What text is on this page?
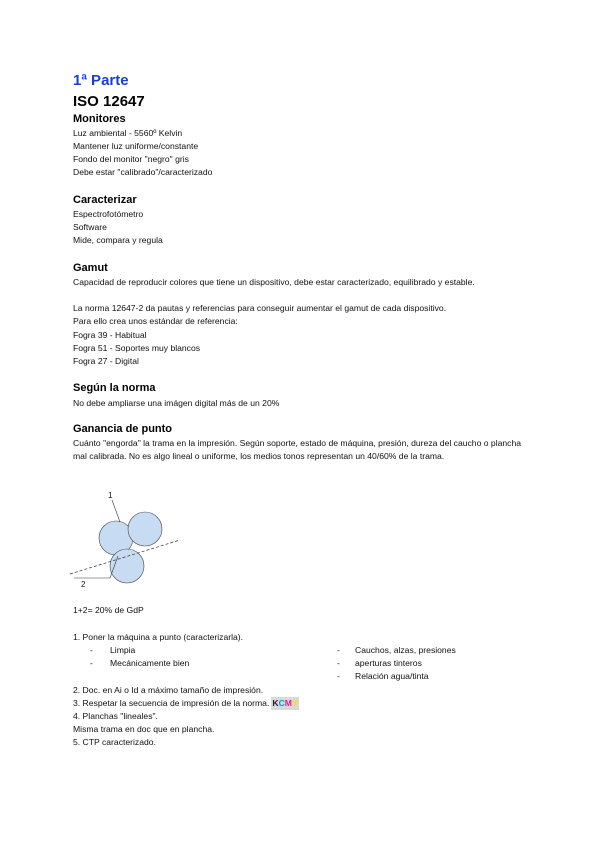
1ª Parte
ISO 12647
Monitores
Luz ambiental - 5560º Kelvin
Mantener luz uniforme/constante
Fondo del monitor "negro" gris
Debe estar "calibrado"/caracterizado
Caracterizar
Espectrofotómetro
Software
Mide, compara y regula
Gamut
Capacidad de reproducir colores que tiene un dispositivo, debe estar caracterizado, equilibrado y estable.
La norma 12647-2 da pautas y referencias para conseguir aumentar el gamut de cada dispositivo.
Para ello crea unos estándar de referencia:
Fogra 39 - Habitual
Fogra 51 - Soportes muy blancos
Fogra 27 - Digital
Según la norma
No debe ampliarse una imágen digital más de un 20%
Ganancia de punto
Cuánto "engorda" la trama en la impresión. Según soporte, estado de máquina, presión, dureza del caucho o plancha mal calibrada. No es algo lineal o uniforme, los medios tonos representan un 40/60% de la trama.
1
2
1+2= 20% de GdP
1. Poner la máquina a punto (caracterizarla).
- Limpia
- Mecánicamente bien
- Cauchos, alzas, presiones
- aperturas tinteros
- Relación agua/tinta
2. Doc. en Ai o Id a máximo tamaño de impresión.
3. Respetar la secuencia de impresión de la norma. KCMY
4. Planchas "lineales".
Misma trama en doc que en plancha.
5. CTP caracterizado.
